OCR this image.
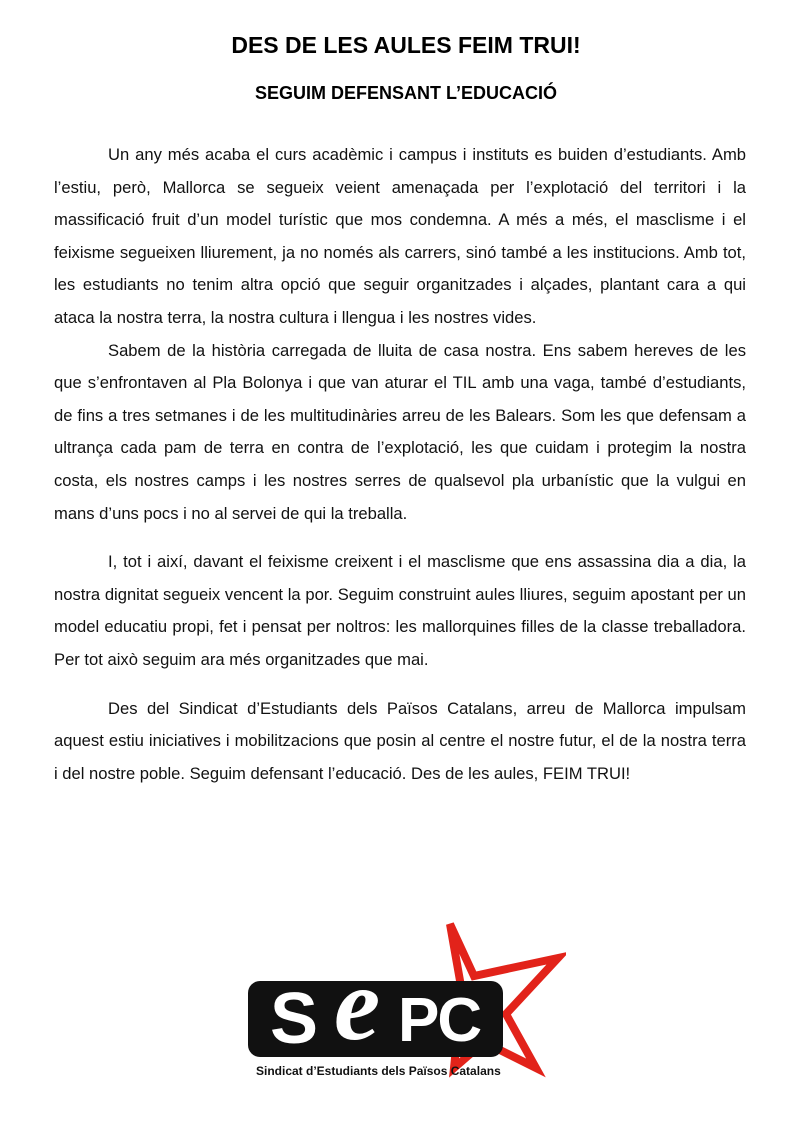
DES DE LES AULES FEIM TRUI!
SEGUIM DEFENSANT L’EDUCACIÓ

Un any més acaba el curs acadèmic i campus i instituts es buiden d’estudiants. Amb l’estiu, però, Mallorca se segueix veient amenaçada per l’explotació del territori i la massificació fruit d’un model turístic que mos condemna. A més a més, el masclisme i el feixisme segueixen lliurement, ja no només als carrers, sinó també a les institucions. Amb tot, les estudiants no tenim altra opció que seguir organitzades i alçades, plantant cara a qui ataca la nostra terra, la nostra cultura i llengua i les nostres vides.

Sabem de la història carregada de lluita de casa nostra. Ens sabem hereves de les que s’enfrontaven al Pla Bolonya i que van aturar el TIL amb una vaga, també d’estudiants, de fins a tres setmanes i de les multitudinàries arreu de les Balears. Som les que defensam a ultrança cada pam de terra en contra de l’explotació, les que cuidam i protegim la nostra costa, els nostres camps i les nostres serres de qualsevol pla urbanístic que la vulgui en mans d’uns pocs i no al servei de qui la treballa.

I, tot i així, davant el feixisme creixent i el masclisme que ens assassina dia a dia, la nostra dignitat segueix vencent la por. Seguim construint aules lliures, seguim apostant per un model educatiu propi, fet i pensat per noltros: les mallorquines filles de la classe treballadora. Per tot això seguim ara més organitzades que mai.

Des del Sindicat d’Estudiants dels Països Catalans, arreu de Mallorca impulsam aquest estiu iniciatives i mobilitzacions que posin al centre el nostre futur, el de la nostra terra i del nostre poble. Seguim defensant l’educació. Des de les aules, FEIM TRUI!

S e PC
Sindicat d’Estudiants dels Països Catalans
